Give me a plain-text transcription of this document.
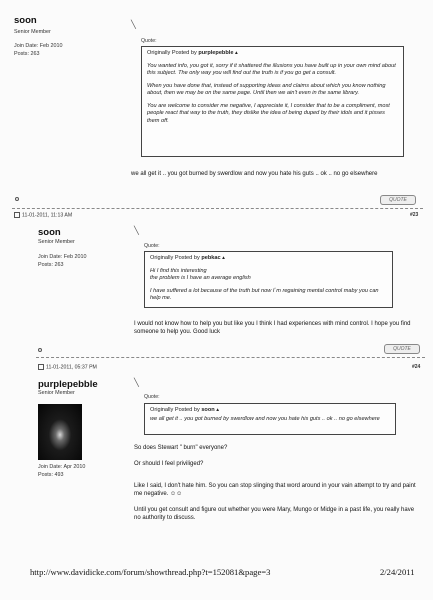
soon
Senior Member
Join Date: Feb 2010
Posts: 263
╲
Quote:

Originally Posted by purplepebble ▴

You wanted info, you got it, sorry if it shattered the illusions you have built up in your own mind about this subject. The only way you will find out the truth is if you go get a consult.

When you have done that, instead of supporting ideas and claims about which you know nothing about, then we may be on the same page. Until then we ain't even in the same library.

You are welcome to consider me negative, I appreciate it, I consider that to be a compliment, most people react that way to the truth, they dislike the idea of being duped by their idols and it pisses them off.

we all get it .. you got burned by swerdlow and now you hate his guts .. ok .. no go elsewhere

QUOTE
11-01-2011, 11:13 AM	#23
soon
Senior Member
Join Date: Feb 2010
Posts: 263
╲
Quote:

Originally Posted by pebkac ▴

Hi I find this interesting
the problem is I have an average english

I have suffered a lot because of the truth but now I`m regaining mental control maby you can help me.

I would not know how to help you but like you I think I had experiences with mind control. I hope you find someone to help you. Good luck

QUOTE
11-01-2011, 05:37 PM	#24
purplepebble
Senior Member
Join Date: Apr 2010
Posts: 493
╲
Quote:

Originally Posted by soon ▴

we all get it .. you got burned by swerdlow and now you hate his guts .. ok .. no go elsewhere

So does Stewart " burn" everyone?

Or should I feel priviliged?

Like I said, I don't hate him. So you can stop slinging that word around in your vain attempt to try and paint me negative. ☺☺

Until you get consult and figure out whether you were Mary, Mungo or Midge in a past life, you really have no authority to discuss.

http://www.davidicke.com/forum/showthread.php?t=152081&page=3	2/24/2011
